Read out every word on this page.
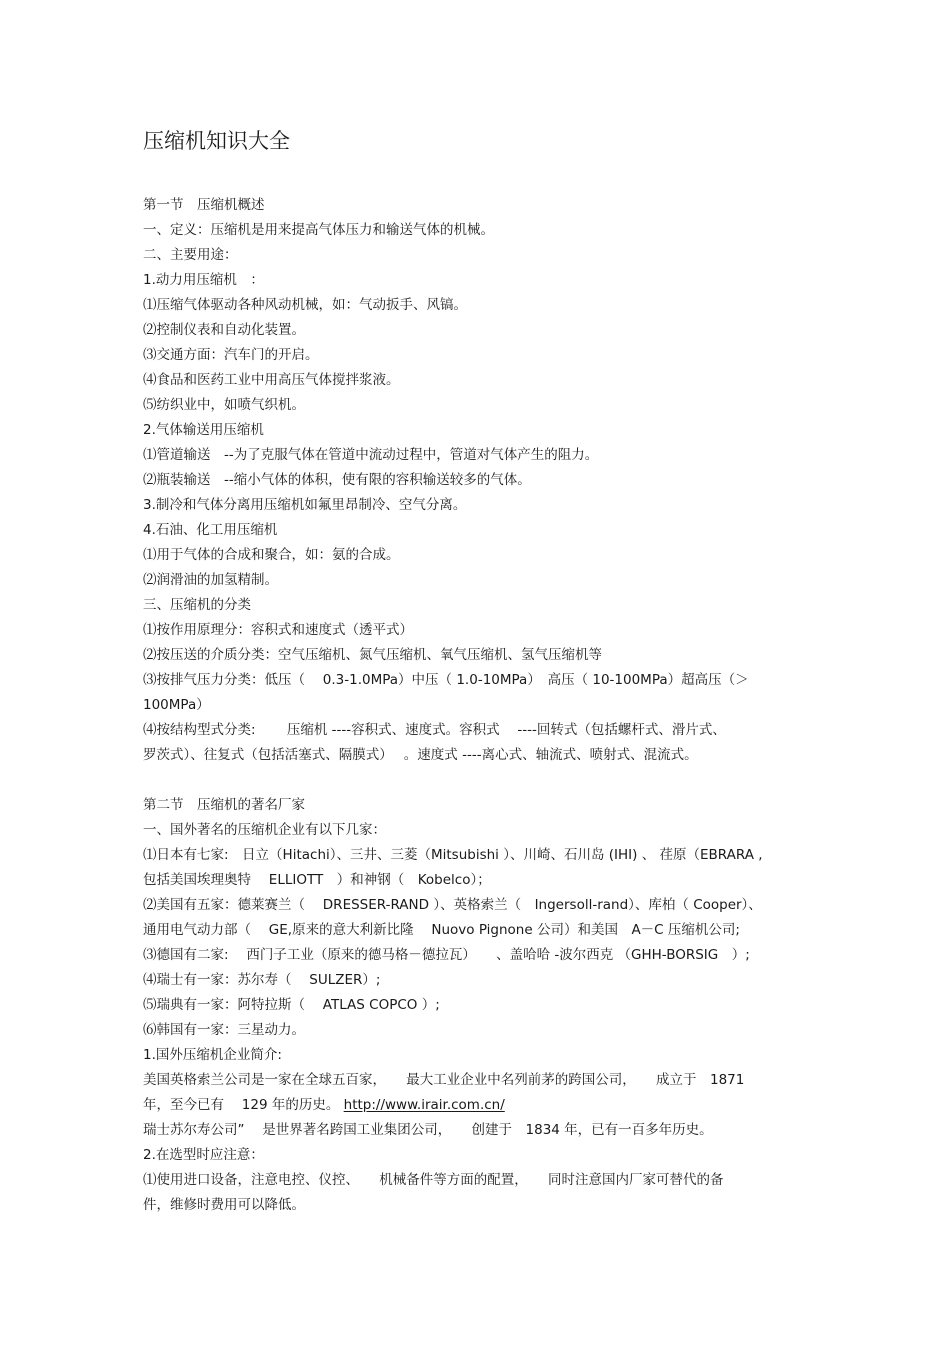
压缩机知识大全
第一节　压缩机概述
一、定义：压缩机是用来提高气体压力和输送气体的机械。
二、主要用途：
1.动力用压缩机　：
⑴压缩气体驱动各种风动机械，如：气动扳手、风镐。
⑵控制仪表和自动化装置。
⑶交通方面：汽车门的开启。
⑷食品和医药工业中用高压气体搅拌浆液。
⑸纺织业中，如喷气织机。
2.气体输送用压缩机
⑴管道输送　--为了克服气体在管道中流动过程中，管道对气体产生的阻力。
⑵瓶装输送　--缩小气体的体积，使有限的容积输送较多的气体。
3.制冷和气体分离用压缩机如氟里昂制冷、空气分离。
4.石油、化工用压缩机
⑴用于气体的合成和聚合，如：氨的合成。
⑵润滑油的加氢精制。
三、压缩机的分类
⑴按作用原理分：容积式和速度式（透平式）
⑵按压送的介质分类：空气压缩机、氮气压缩机、氧气压缩机、氢气压缩机等
⑶按排气压力分类：低压（　 0.3-1.0MPa）中压（ 1.0-10MPa）　高压（ 10-100MPa）超高压（＞
100MPa）
⑷按结构型式分类:　　 压缩机 ----容积式、速度式。容积式　 ----回转式（包括螺杆式、滑片式、
罗茨式）、往复式（包括活塞式、隔膜式）　 。速度式 ----离心式、轴流式、喷射式、混流式。
第二节　压缩机的著名厂家
一、国外著名的压缩机企业有以下几家：
⑴日本有七家:　日立（Hitachi）、三井、三菱（Mitsubishi ）、川崎、石川岛 (IHI) 、 荏原（EBRARA ,
包括美国埃理奥特　 ELLIOTT　）和神钢（　Kobelco）；
⑵美国有五家：德莱赛兰（　 DRESSER-RAND ）、英格索兰（　Ingersoll-rand）、库柏（ Cooper）、
通用电气动力部（　 GE,原来的意大利新比隆　 Nuovo Pignone 公司）和美国　A－C 压缩机公司;
⑶德国有二家:　 西门子工业（原来的德马格－德拉瓦）　　、盖哈哈 -波尔西克 （GHH-BORSIG　）;
⑷瑞士有一家：苏尔寿（　 SULZER）;
⑸瑞典有一家：阿特拉斯（　 ATLAS COPCO ）;
⑹韩国有一家：三星动力。
1.国外压缩机企业简介:
美国英格索兰公司是一家在全球五百家，　　最大工业企业中名列前茅的跨国公司，　　成立于　1871
年，至今已有　 129 年的历史。 http://www.irair.com.cn/
瑞士苏尔寿公司”　 是世界著名跨国工业集团公司，　　创建于　1834 年，已有一百多年历史。
2.在选型时应注意：
⑴使用进口设备，注意电控、仪控、　　机械备件等方面的配置，　　同时注意国内厂家可替代的备
件，维修时费用可以降低。
